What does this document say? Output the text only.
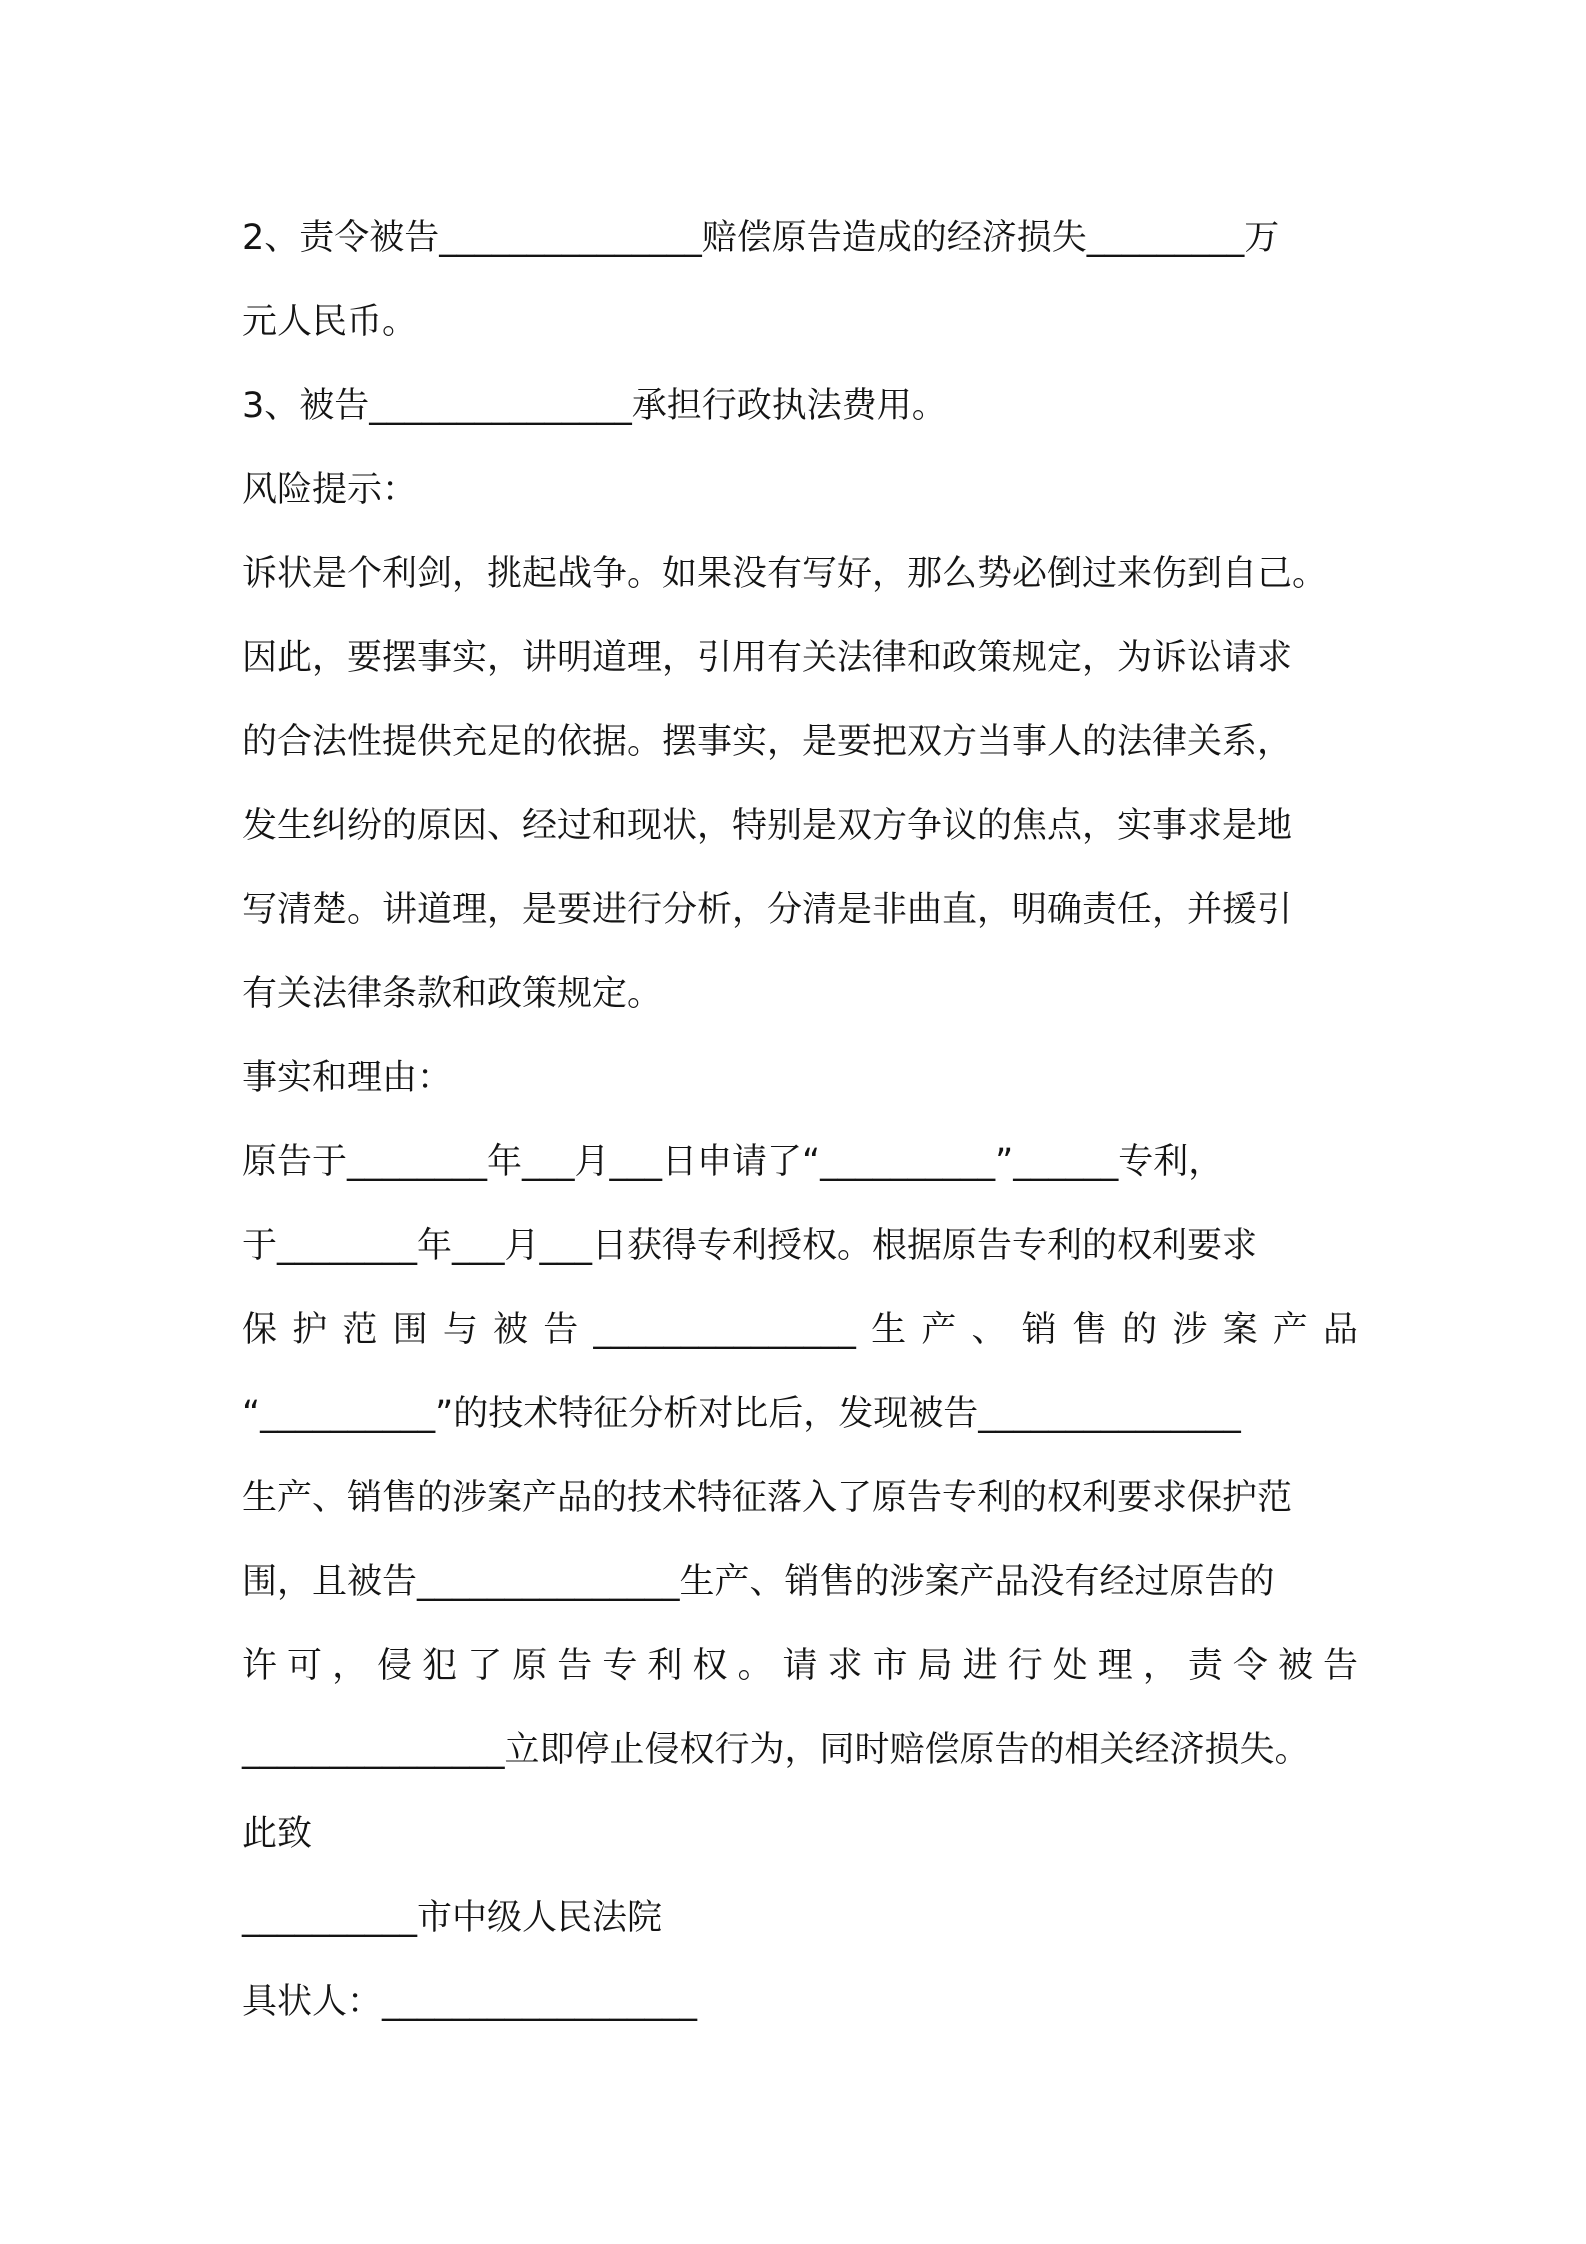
2、责令被告_______________赔偿原告造成的经济损失_________万
元人民币。
3、被告_______________承担行政执法费用。
风险提示：
诉状是个利剑，挑起战争。如果没有写好，那么势必倒过来伤到自己。
因此，要摆事实，讲明道理，引用有关法律和政策规定，为诉讼请求
的合法性提供充足的依据。摆事实，是要把双方当事人的法律关系，
发生纠纷的原因、经过和现状，特别是双方争议的焦点，实事求是地
写清楚。讲道理，是要进行分析，分清是非曲直，明确责任，并援引
有关法律条款和政策规定。
事实和理由：
原告于________年___月___日申请了“__________”______专利，
于________年___月___日获得专利授权。根据原告专利的权利要求
保护范围与被告_______________生产、销售的涉案产品
“__________”的技术特征分析对比后，发现被告_______________
生产、销售的涉案产品的技术特征落入了原告专利的权利要求保护范
围，且被告_______________生产、销售的涉案产品没有经过原告的
许可，侵犯了原告专利权。请求市局进行处理，责令被告
_______________立即停止侵权行为，同时赔偿原告的相关经济损失。
此致
__________市中级人民法院
具状人：__________________
